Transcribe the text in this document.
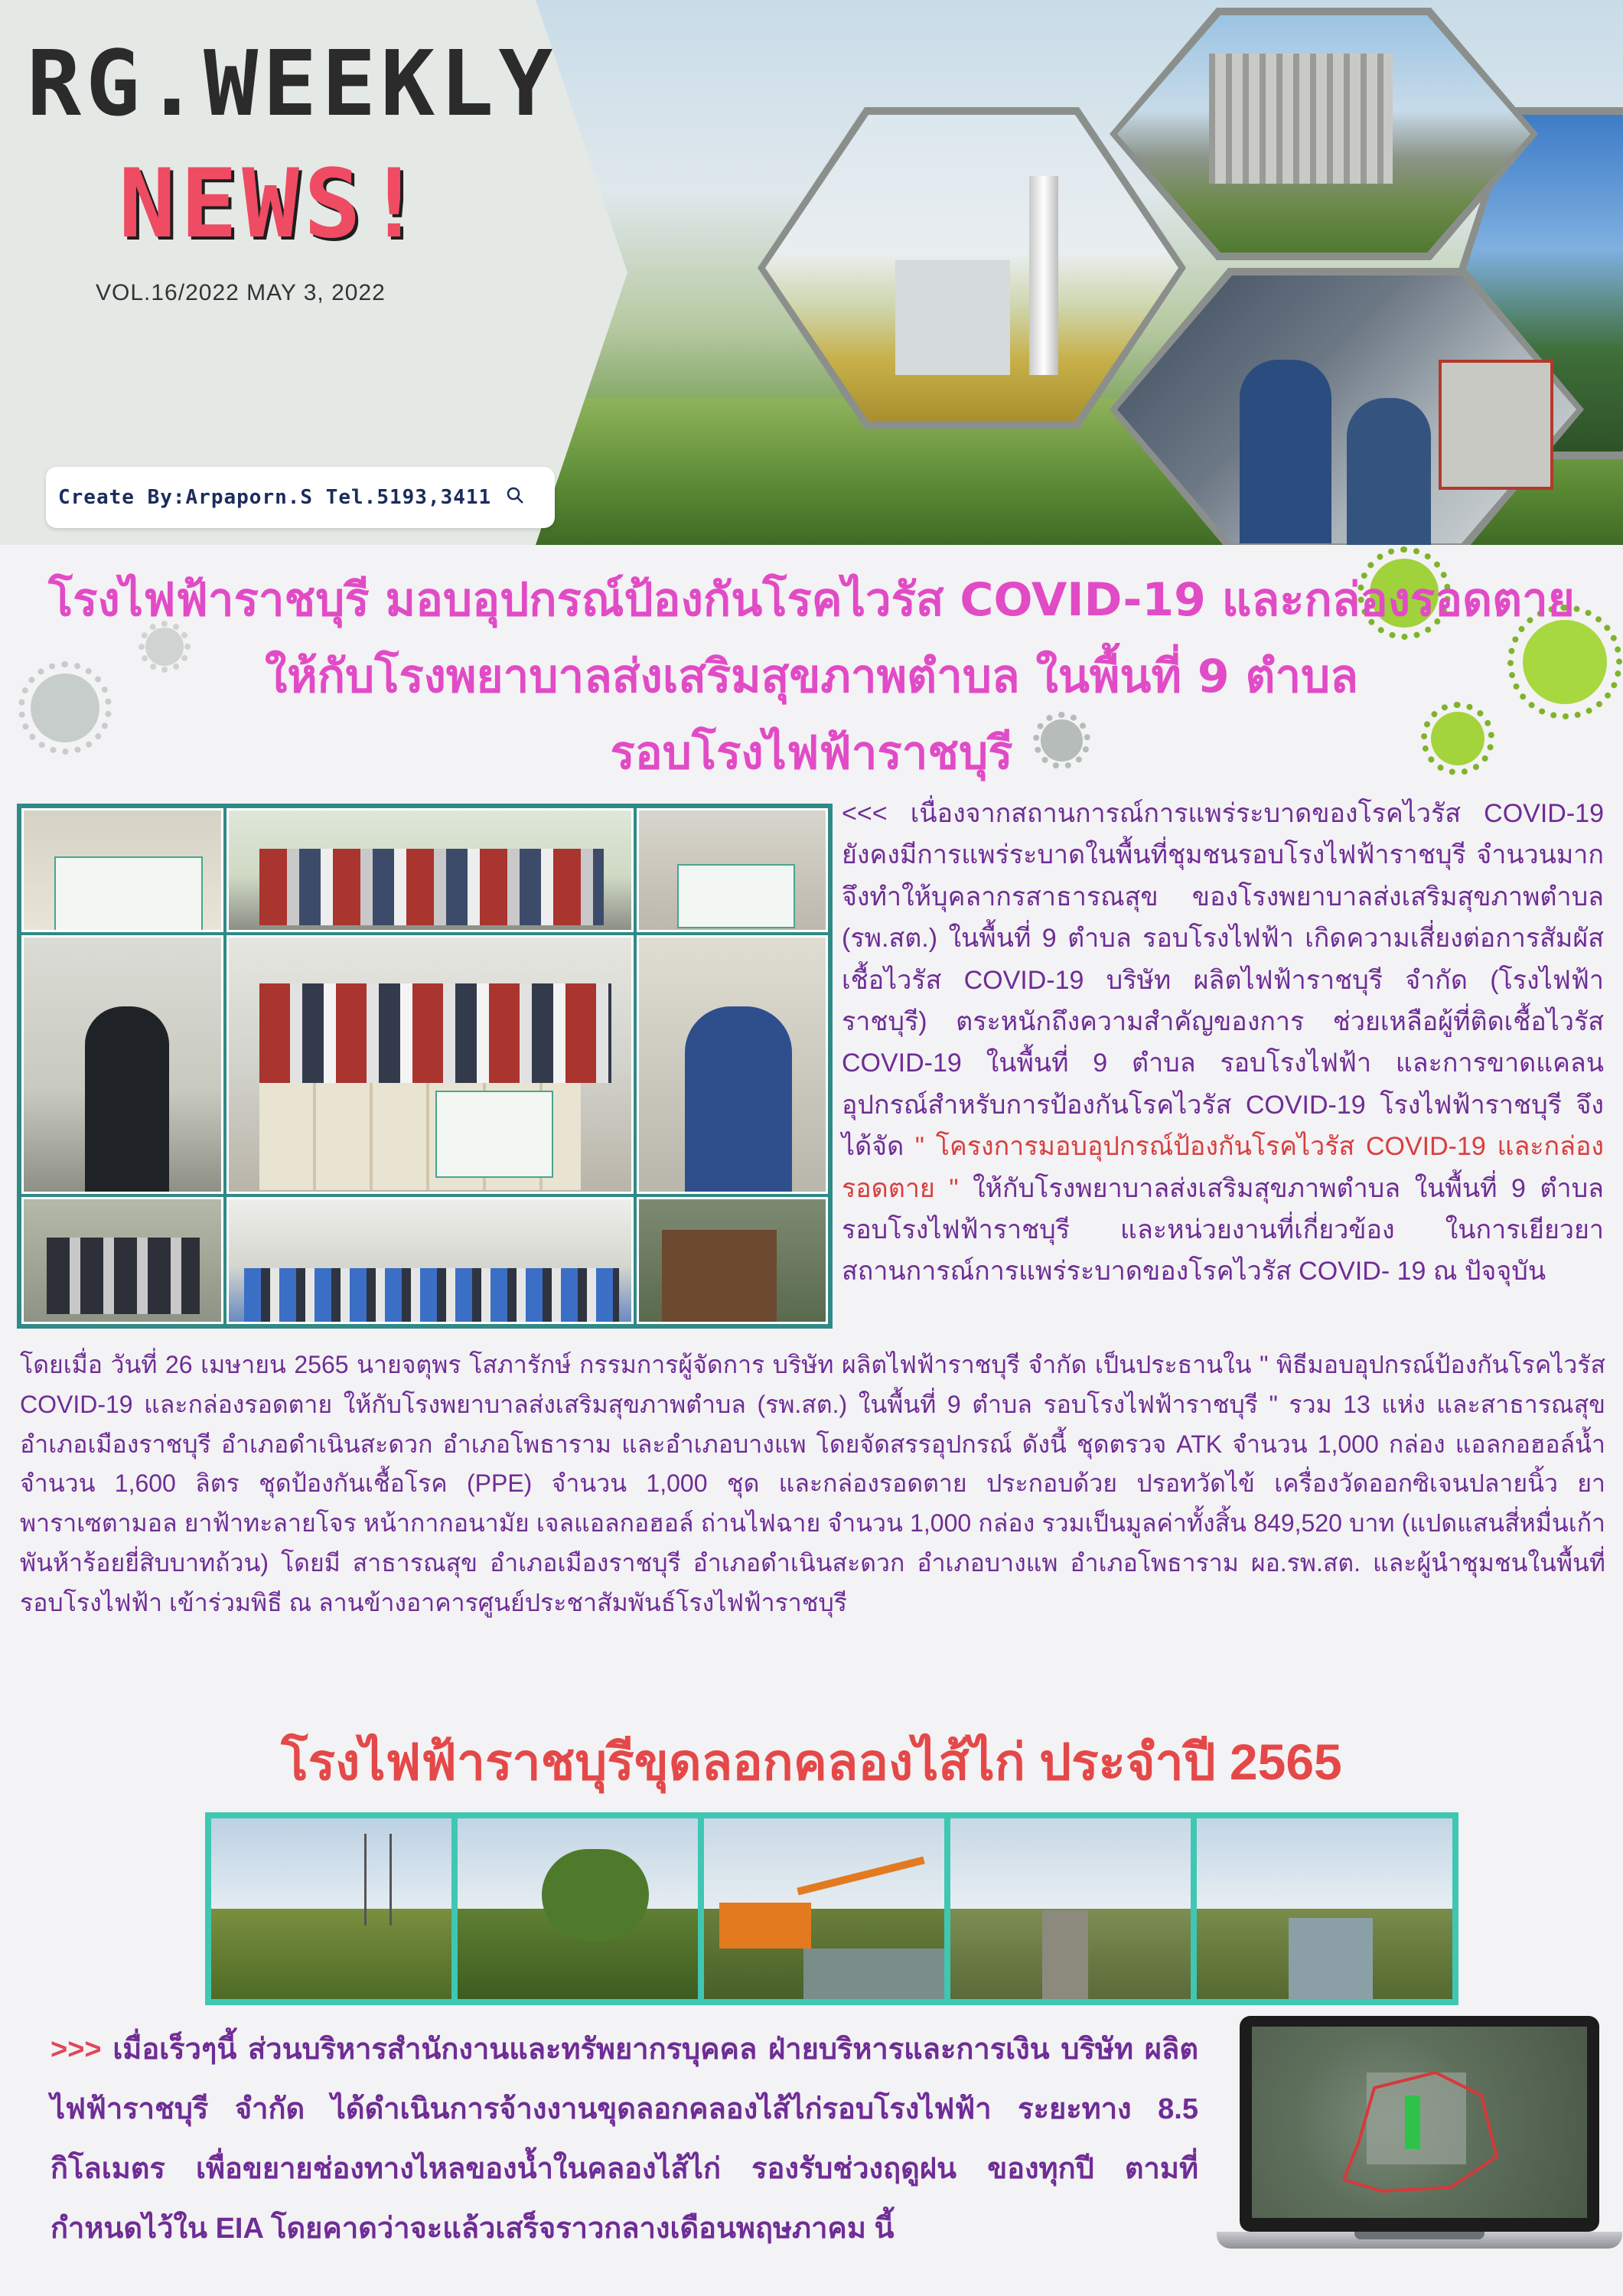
RG.WEEKLY
NEWS!
VOL.16/2022 MAY 3, 2022
Create By:Arpaporn.S Tel.5193,3411
โรงไฟฟ้าราชบุรี มอบอุปกรณ์ป้องกันโรคไวรัส COVID-19 และกล่องรอดตาย
ให้กับโรงพยาบาลส่งเสริมสุขภาพตำบล ในพื้นที่ 9 ตำบล
รอบโรงไฟฟ้าราชบุรี
<<< เนื่องจากสถานการณ์การแพร่ระบาดของโรคไวรัส COVID-19 ยังคงมีการแพร่ระบาดในพื้นที่ชุมชนรอบโรงไฟฟ้าราชบุรี จำนวนมาก จึงทำให้บุคลากรสาธารณสุข ของโรงพยาบาลส่งเสริมสุขภาพตำบล (รพ.สต.) ในพื้นที่ 9 ตำบล รอบโรงไฟฟ้า เกิดความเสี่ยงต่อการสัมผัสเชื้อไวรัส COVID-19 บริษัท ผลิตไฟฟ้าราชบุรี จำกัด (โรงไฟฟ้าราชบุรี) ตระหนักถึงความสำคัญของการ ช่วยเหลือผู้ที่ติดเชื้อไวรัส COVID-19 ในพื้นที่ 9 ตำบล รอบโรงไฟฟ้า และการขาดแคลนอุปกรณ์สำหรับการป้องกันโรคไวรัส COVID-19 โรงไฟฟ้าราชบุรี จึงได้จัด " โครงการมอบอุปกรณ์ป้องกันโรคไวรัส COVID-19 และกล่องรอดตาย " ให้กับโรงพยาบาลส่งเสริมสุขภาพตำบล ในพื้นที่ 9 ตำบล รอบโรงไฟฟ้าราชบุรี และหน่วยงานที่เกี่ยวข้อง ในการเยียวยาสถานการณ์การแพร่ระบาดของโรคไวรัส COVID- 19 ณ ปัจจุบัน
โดยเมื่อ วันที่ 26 เมษายน 2565 นายจตุพร โสภารักษ์ กรรมการผู้จัดการ บริษัท ผลิตไฟฟ้าราชบุรี จำกัด เป็นประธานใน " พิธีมอบอุปกรณ์ป้องกันโรคไวรัส COVID-19 และกล่องรอดตาย ให้กับโรงพยาบาลส่งเสริมสุขภาพตำบล (รพ.สต.) ในพื้นที่ 9 ตำบล รอบโรงไฟฟ้าราชบุรี " รวม 13 แห่ง และสาธารณสุข อำเภอเมืองราชบุรี อำเภอดำเนินสะดวก อำเภอโพธาราม และอำเภอบางแพ โดยจัดสรรอุปกรณ์ ดังนี้ ชุดตรวจ ATK จำนวน 1,000 กล่อง แอลกอฮอล์น้ำ จำนวน 1,600 ลิตร ชุดป้องกันเชื้อโรค (PPE) จำนวน 1,000 ชุด และกล่องรอดตาย ประกอบด้วย ปรอทวัดไข้ เครื่องวัดออกซิเจนปลายนิ้ว ยาพาราเซตามอล ยาฟ้าทะลายโจร หน้ากากอนามัย เจลแอลกอฮอล์ ถ่านไฟฉาย จำนวน 1,000 กล่อง รวมเป็นมูลค่าทั้งสิ้น 849,520 บาท (แปดแสนสี่หมื่นเก้าพันห้าร้อยยี่สิบบาทถ้วน) โดยมี สาธารณสุข อำเภอเมืองราชบุรี อำเภอดำเนินสะดวก อำเภอบางแพ อำเภอโพธาราม ผอ.รพ.สต. และผู้นำชุมชนในพื้นที่รอบโรงไฟฟ้า เข้าร่วมพิธี ณ ลานข้างอาคารศูนย์ประชาสัมพันธ์โรงไฟฟ้าราชบุรี
โรงไฟฟ้าราชบุรีขุดลอกคลองไส้ไก่ ประจำปี 2565
>>> เมื่อเร็วๆนี้ ส่วนบริหารสำนักงานและทรัพยากรบุคคล ฝ่ายบริหารและการเงิน บริษัท ผลิตไฟฟ้าราชบุรี จำกัด ได้ดำเนินการจ้างงานขุดลอกคลองไส้ไก่รอบโรงไฟฟ้า ระยะทาง 8.5 กิโลเมตร เพื่อขยายช่องทางไหลของน้ำในคลองไส้ไก่ รองรับช่วงฤดูฝน ของทุกปี ตามที่กำหนดไว้ใน EIA โดยคาดว่าจะแล้วเสร็จราวกลางเดือนพฤษภาคม นี้
